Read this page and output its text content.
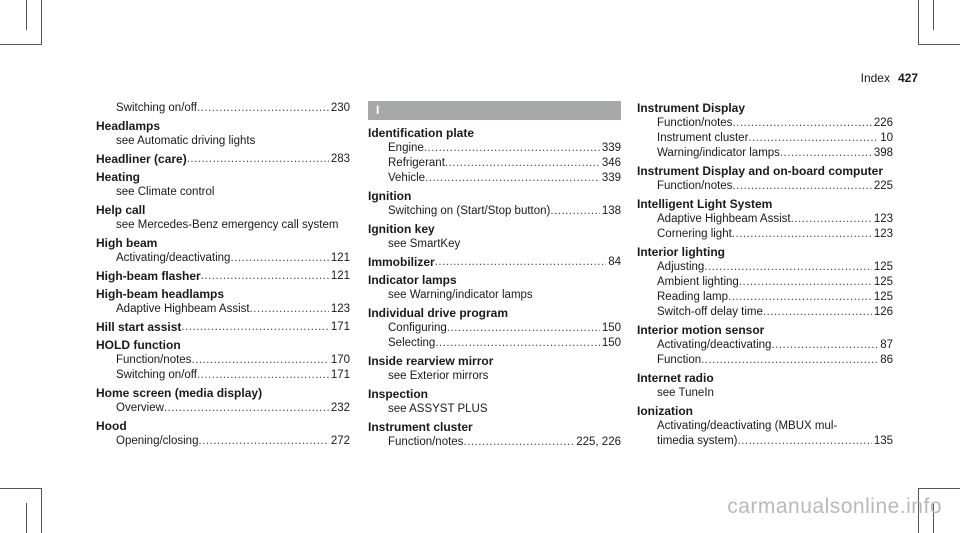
Index 427
Switching on/off .....	230
Headlamps
see Automatic driving lights
Headliner (care) .....	283
Heating
see Climate control
Help call
see Mercedes-Benz emergency call system
High beam
Activating/deactivating .....	121
High-beam flasher .....	121
High-beam headlamps
Adaptive Highbeam Assist .....	123
Hill start assist .....	171
HOLD function
Function/notes .....	170
Switching on/off .....	171
Home screen (media display)
Overview .....	232
Hood
Opening/closing .....	272
I
Identification plate
Engine .....	339
Refrigerant .....	346
Vehicle .....	339
Ignition
Switching on (Start/Stop button) .....	138
Ignition key
see SmartKey
Immobilizer .....	84
Indicator lamps
see Warning/indicator lamps
Individual drive program
Configuring .....	150
Selecting .....	150
Inside rearview mirror
see Exterior mirrors
Inspection
see ASSYST PLUS
Instrument cluster
Function/notes .....	225, 226
Instrument Display
Function/notes .....	226
Instrument cluster .....	10
Warning/indicator lamps .....	398
Instrument Display and on-board computer
Function/notes .....	225
Intelligent Light System
Adaptive Highbeam Assist .....	123
Cornering light .....	123
Interior lighting
Adjusting .....	125
Ambient lighting .....	125
Reading lamp .....	125
Switch-off delay time .....	126
Interior motion sensor
Activating/deactivating .....	87
Function .....	86
Internet radio
see TuneIn
Ionization
Activating/deactivating (MBUX mul-
timedia system) .....	135
carmanualsonline.info
